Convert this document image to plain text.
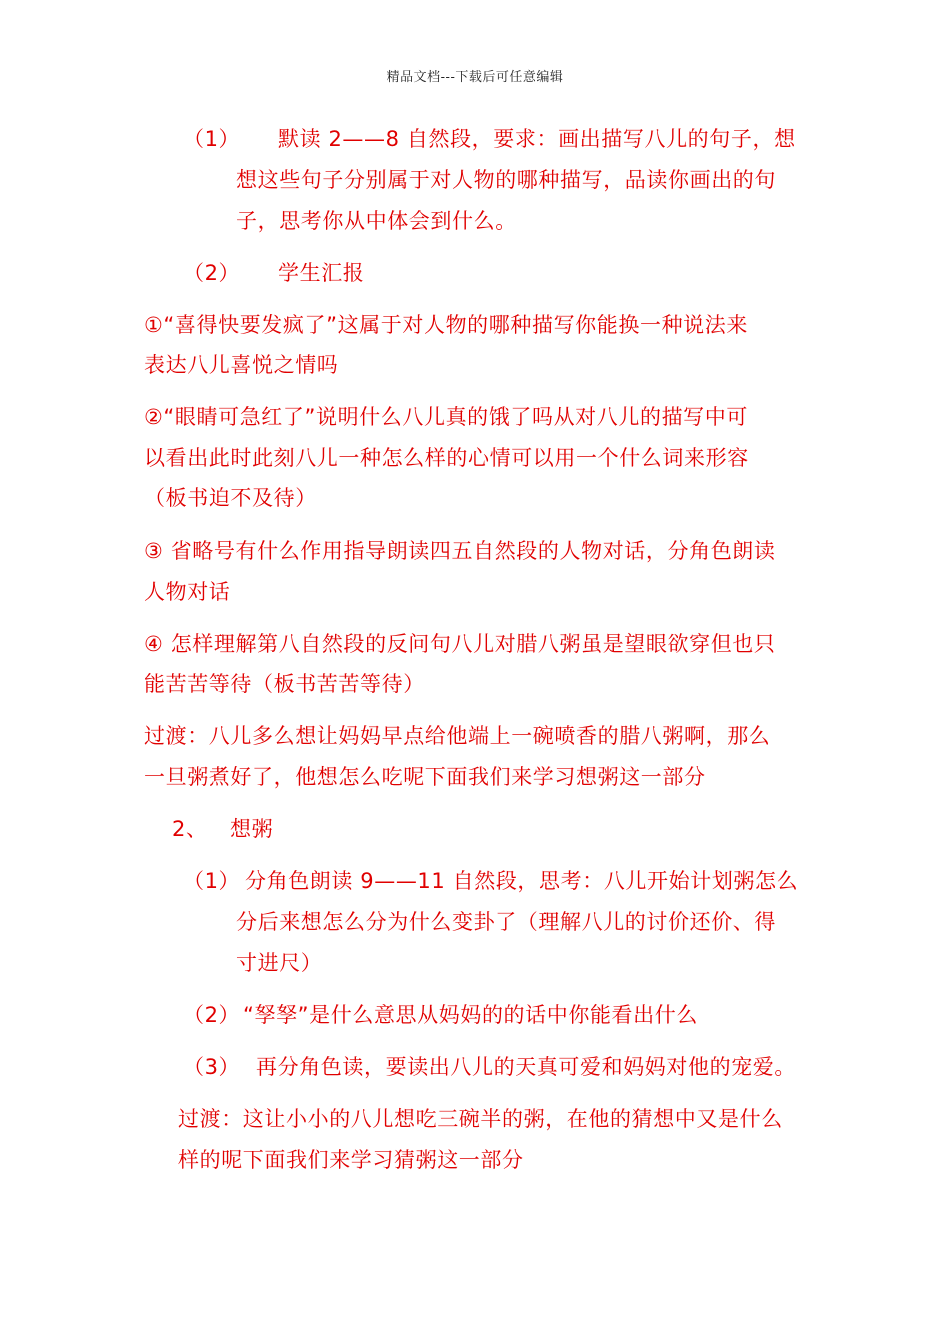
精品文档---下载后可任意编辑
（1） 默读 2——8 自然段，要求：画出描写八儿的句子，想
想这些句子分别属于对人物的哪种描写，品读你画出的句
子，思考你从中体会到什么。
（2） 学生汇报
①“喜得快要发疯了”这属于对人物的哪种描写你能换一种说法来
表达八儿喜悦之情吗
②“眼睛可急红了”说明什么八儿真的饿了吗从对八儿的描写中可
以看出此时此刻八儿一种怎么样的心情可以用一个什么词来形容
（板书迫不及待）
③ 省略号有什么作用指导朗读四五自然段的人物对话，分角色朗读
人物对话
④ 怎样理解第八自然段的反问句八儿对腊八粥虽是望眼欲穿但也只
能苦苦等待（板书苦苦等待）
过渡：八儿多么想让妈妈早点给他端上一碗喷香的腊八粥啊，那么
一旦粥煮好了，他想怎么吃呢下面我们来学习想粥这一部分
2、 想粥
（1） 分角色朗读 9——11 自然段，思考：八儿开始计划粥怎么
分后来想怎么分为什么变卦了（理解八儿的讨价还价、得
寸进尺）
（2） “孥孥”是什么意思从妈妈的的话中你能看出什么
（3） 再分角色读，要读出八儿的天真可爱和妈妈对他的宠爱。
过渡：这让小小的八儿想吃三碗半的粥，在他的猜想中又是什么
样的呢下面我们来学习猜粥这一部分
